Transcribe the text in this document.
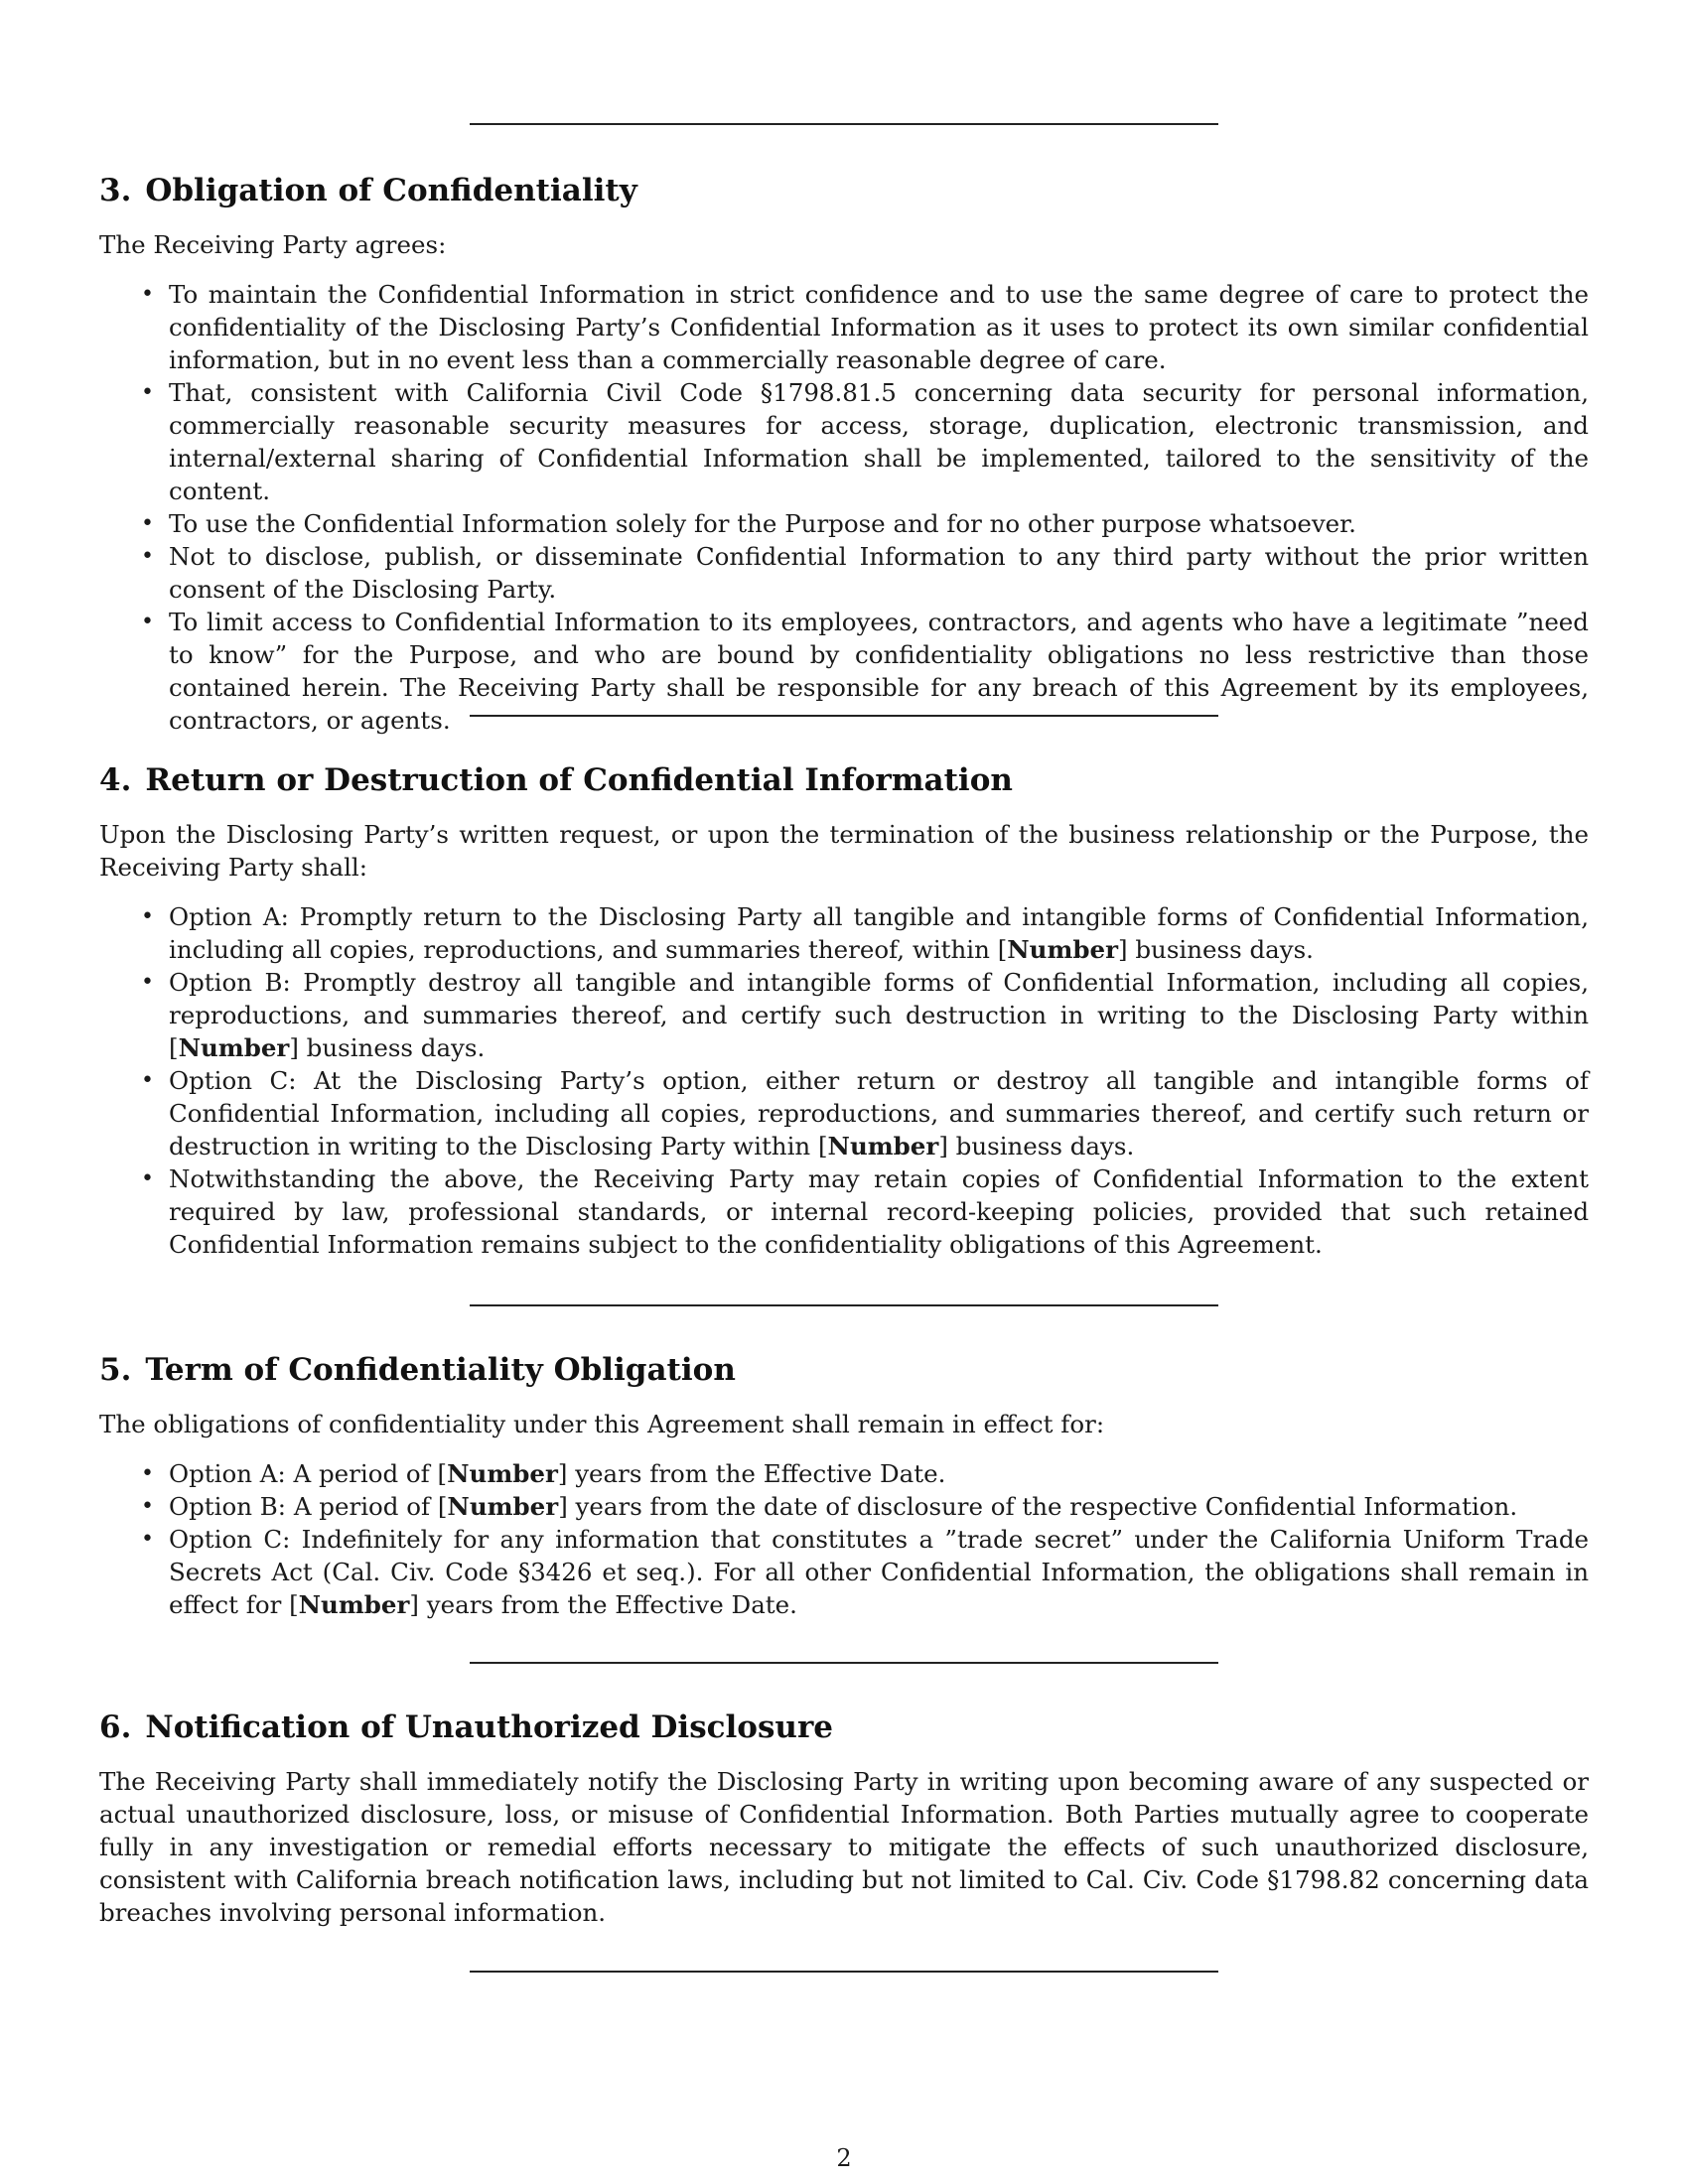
3. Obligation of Confidentiality

The Receiving Party agrees:

• To maintain the Confidential Information in strict confidence and to use the same degree of care to protect the confidentiality of the Disclosing Party’s Confidential Information as it uses to protect its own similar confidential information, but in no event less than a commercially reasonable degree of care.
• That, consistent with California Civil Code §1798.81.5 concerning data security for personal information, commercially reasonable security measures for access, storage, duplication, electronic transmission, and internal/external sharing of Confidential Information shall be implemented, tailored to the sensitivity of the content.
• To use the Confidential Information solely for the Purpose and for no other purpose whatsoever.
• Not to disclose, publish, or disseminate Confidential Information to any third party without the prior written consent of the Disclosing Party.
• To limit access to Confidential Information to its employees, contractors, and agents who have a legitimate ”need to know” for the Purpose, and who are bound by confidentiality obligations no less restrictive than those contained herein. The Receiving Party shall be responsible for any breach of this Agreement by its employees, contractors, or agents.
4. Return or Destruction of Confidential Information

Upon the Disclosing Party’s written request, or upon the termination of the business relationship or the Purpose, the Receiving Party shall:

• Option A: Promptly return to the Disclosing Party all tangible and intangible forms of Confidential Information, including all copies, reproductions, and summaries thereof, within [Number] business days.
• Option B: Promptly destroy all tangible and intangible forms of Confidential Information, including all copies, reproductions, and summaries thereof, and certify such destruction in writing to the Disclosing Party within [Number] business days.
• Option C: At the Disclosing Party’s option, either return or destroy all tangible and intangible forms of Confidential Information, including all copies, reproductions, and summaries thereof, and certify such return or destruction in writing to the Disclosing Party within [Number] business days.
• Notwithstanding the above, the Receiving Party may retain copies of Confidential Information to the extent required by law, professional standards, or internal record-keeping policies, provided that such retained Confidential Information remains subject to the confidentiality obligations of this Agreement.
5. Term of Confidentiality Obligation

The obligations of confidentiality under this Agreement shall remain in effect for:

• Option A: A period of [Number] years from the Effective Date.
• Option B: A period of [Number] years from the date of disclosure of the respective Confidential Information.
• Option C: Indefinitely for any information that constitutes a ”trade secret” under the California Uniform Trade Secrets Act (Cal. Civ. Code §3426 et seq.). For all other Confidential Information, the obligations shall remain in effect for [Number] years from the Effective Date.
6. Notification of Unauthorized Disclosure

The Receiving Party shall immediately notify the Disclosing Party in writing upon becoming aware of any suspected or actual unauthorized disclosure, loss, or misuse of Confidential Information. Both Parties mutually agree to cooperate fully in any investigation or remedial efforts necessary to mitigate the effects of such unauthorized disclosure, consistent with California breach notification laws, including but not limited to Cal. Civ. Code §1798.82 concerning data breaches involving personal information.

2
